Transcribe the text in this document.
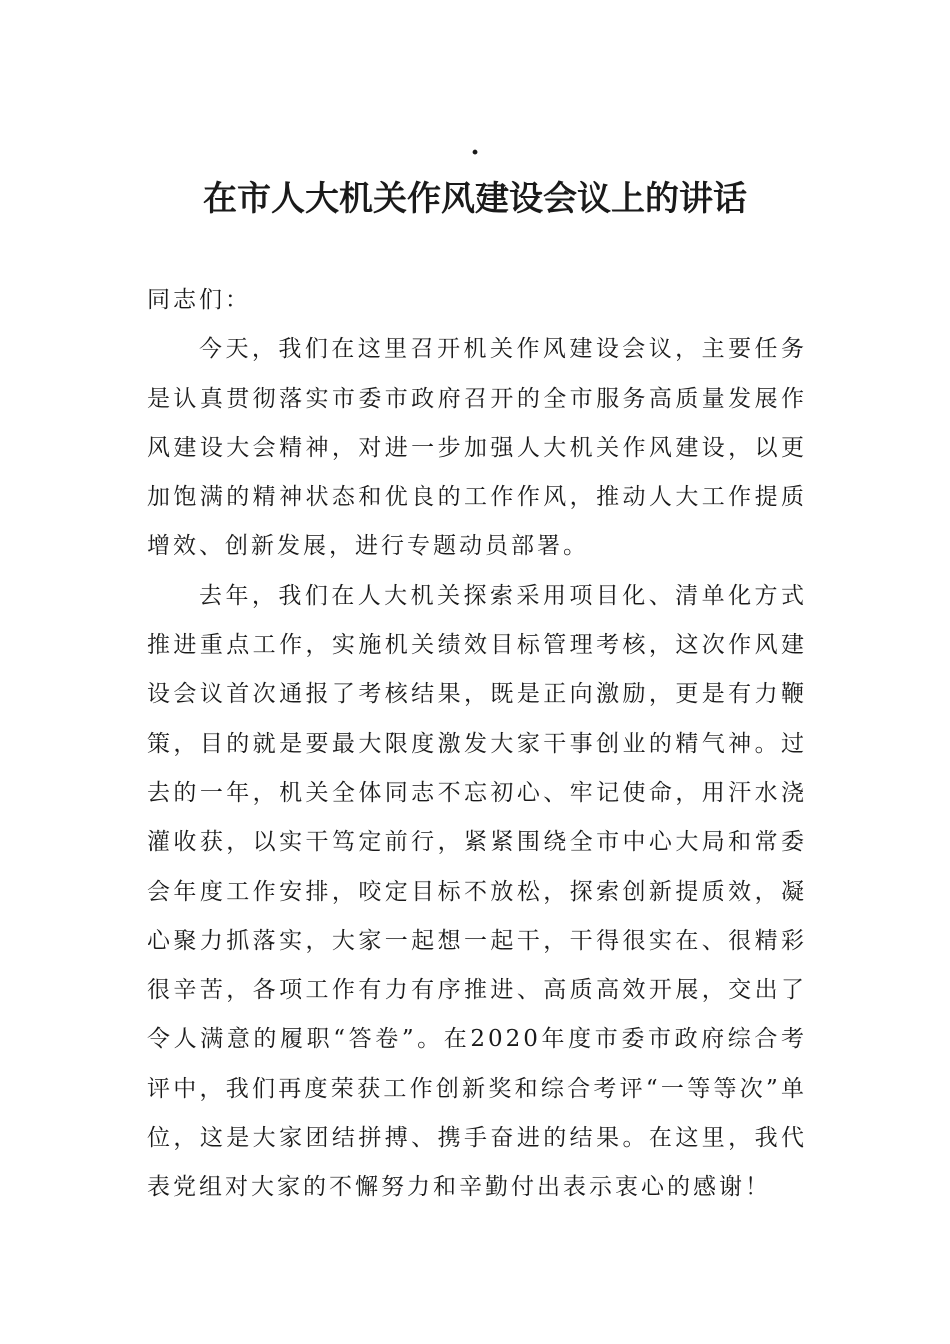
·
在市人大机关作风建设会议上的讲话

同志们：

今天，我们在这里召开机关作风建设会议，主要任务是认真贯彻落实市委市政府召开的全市服务高质量发展作风建设大会精神，对进一步加强人大机关作风建设，以更加饱满的精神状态和优良的工作作风，推动人大工作提质增效、创新发展，进行专题动员部署。

去年，我们在人大机关探索采用项目化、清单化方式推进重点工作，实施机关绩效目标管理考核，这次作风建设会议首次通报了考核结果，既是正向激励，更是有力鞭策，目的就是要最大限度激发大家干事创业的精气神。过去的一年，机关全体同志不忘初心、牢记使命，用汗水浇灌收获，以实干笃定前行，紧紧围绕全市中心大局和常委会年度工作安排，咬定目标不放松，探索创新提质效，凝心聚力抓落实，大家一起想一起干，干得很实在、很精彩很辛苦，各项工作有力有序推进、高质高效开展，交出了令人满意的履职“答卷”。在2020年度市委市政府综合考评中，我们再度荣获工作创新奖和综合考评“一等等次”单位，这是大家团结拼搏、携手奋进的结果。在这里，我代表党组对大家的不懈努力和辛勤付出表示衷心的感谢！
